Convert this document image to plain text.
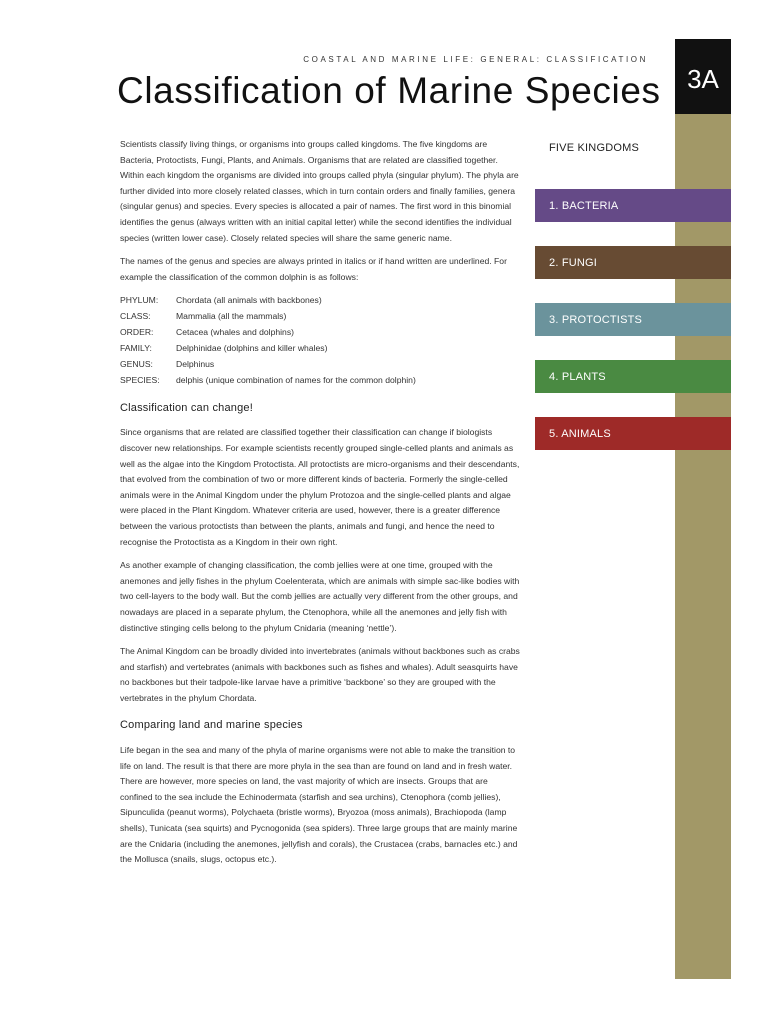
3A
COASTAL AND MARINE LIFE: GENERAL: CLASSIFICATION
Classification of Marine Species
FIVE KINGDOMS
1. BACTERIA
2. FUNGI
3. PROTOCTISTS
4. PLANTS
5. ANIMALS

Scientists classify living things, or organisms into groups called kingdoms. The five kingdoms are Bacteria, Protoctists, Fungi, Plants, and Animals. Organisms that are related are classified together. Within each kingdom the organisms are divided into groups called phyla (singular phylum). The phyla are further divided into more closely related classes, which in turn contain orders and finally families, genera (singular genus) and species. Every species is allocated a pair of names. The first word in this binomial identifies the genus (always written with an initial capital letter) while the second identifies the individual species (written lower case). Closely related species will share the same generic name.

The names of the genus and species are always printed in italics or if hand written are underlined. For example the classification of the common dolphin is as follows:

PHYLUM:	Chordata (all animals with backbones)
CLASS:	Mammalia (all the mammals)
ORDER:	Cetacea (whales and dolphins)
FAMILY:	Delphinidae (dolphins and killer whales)
GENUS:	Delphinus
SPECIES:	delphis (unique combination of names for the common dolphin)
Classification can change!

Since organisms that are related are classified together their classification can change if biologists discover new relationships. For example scientists recently grouped single-celled plants and animals as well as the algae into the Kingdom Protoctista. All protoctists are micro-organisms and their descendants, that evolved from the combination of two or more different kinds of bacteria. Formerly the single-celled animals were in the Animal Kingdom under the phylum Protozoa and the single-celled plants and algae were placed in the Plant Kingdom. Whatever criteria are used, however, there is a greater difference between the various protoctists than between the plants, animals and fungi, and hence the need to recognise the Protoctista as a Kingdom in their own right.

As another example of changing classification, the comb jellies were at one time, grouped with the anemones and jelly fishes in the phylum Coelenterata, which are animals with simple sac-like bodies with two cell-layers to the body wall. But the comb jellies are actually very different from the other groups, and nowadays are placed in a separate phylum, the Ctenophora, while all the anemones and jelly fish with distinctive stinging cells belong to the phylum Cnidaria (meaning ‘nettle’).

The Animal Kingdom can be broadly divided into invertebrates (animals without backbones such as crabs and starfish) and vertebrates (animals with backbones such as fishes and whales). Adult seasquirts have no backbones but their tadpole-like larvae have a primitive ‘backbone’ so they are grouped with the vertebrates in the phylum Chordata.

Comparing land and marine species

Life began in the sea and many of the phyla of marine organisms were not able to make the transition to life on land. The result is that there are more phyla in the sea than are found on land and in fresh water. There are however, more species on land, the vast majority of which are insects. Groups that are confined to the sea include the Echinodermata (starfish and sea urchins), Ctenophora (comb jellies), Sipunculida (peanut worms), Polychaeta (bristle worms), Bryozoa (moss animals), Brachiopoda (lamp shells), Tunicata (sea squirts) and Pycnogonida (sea spiders). Three large groups that are mainly marine are the Cnidaria (including the anemones, jellyfish and corals), the Crustacea (crabs, barnacles etc.) and the Mollusca (snails, slugs, octopus etc.).
